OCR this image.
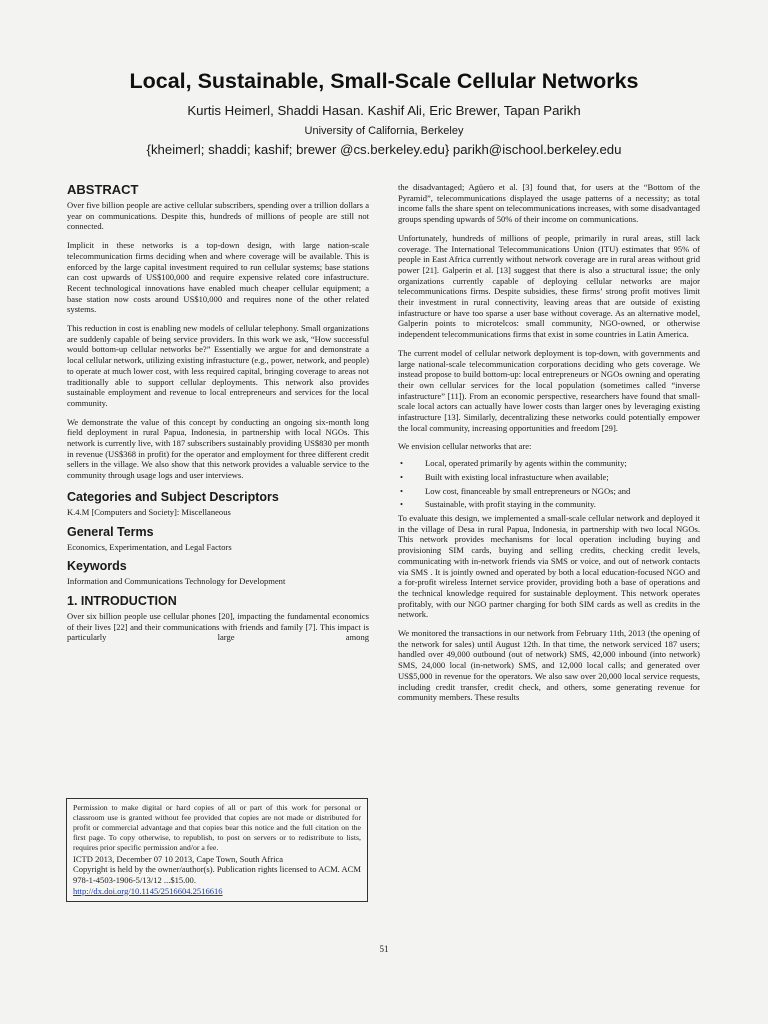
Local, Sustainable, Small-Scale Cellular Networks
Kurtis Heimerl, Shaddi Hasan. Kashif Ali, Eric Brewer, Tapan Parikh
University of California, Berkeley
{kheimerl; shaddi; kashif; brewer @cs.berkeley.edu} parikh@ischool.berkeley.edu
ABSTRACT

Over five billion people are active cellular subscribers, spending over a trillion dollars a year on communications. Despite this, hundreds of millions of people are still not connected.

Implicit in these networks is a top-down design, with large nation-scale telecommunication firms deciding when and where coverage will be available. This is enforced by the large capital investment required to run cellular systems; base stations can cost upwards of US$100,000 and require expensive related core infastructure. Recent technological innovations have enabled much cheaper cellular equipment; a base station now costs around US$10,000 and requires none of the other related systems.

This reduction in cost is enabling new models of cellular telephony. Small organizations are suddenly capable of being service providers. In this work we ask, “How successful would bottom-up cellular networks be?” Essentially we argue for and demonstrate a local cellular network, utilizing existing infrastucture (e.g., power, network, and people) to operate at much lower cost, with less required capital, bringing coverage to areas not traditionally able to support cellular deployments. This network also provides sustainable employment and revenue to local entrepreneurs and services for the local community.

We demonstrate the value of this concept by conducting an ongoing six-month long field deployment in rural Papua, Indonesia, in partnership with local NGOs. This network is currently live, with 187 subscribers sustainably providing US$830 per month in revenue (US$368 in profit) for the operator and employment for three different credit sellers in the village. We also show that this network provides a valuable service to the community through usage logs and user interviews.

Categories and Subject Descriptors

K.4.M [Computers and Society]: Miscellaneous

General Terms

Economics, Experimentation, and Legal Factors

Keywords

Information and Communications Technology for Development

1. INTRODUCTION

Over six billion people use cellular phones [20], impacting the fundamental economics of their lives [22] and their communications with friends and family [7]. This impact is particularly large among

the disadvantaged; Agüero et al. [3] found that, for users at the “Bottom of the Pyramid”, telecommunications displayed the usage patterns of a necessity; as total income falls the share spent on telecommunications increases, with some disadvantaged groups spending upwards of 50% of their income on communications.

Unfortunately, hundreds of millions of people, primarily in rural areas, still lack coverage. The International Telecommunications Union (ITU) estimates that 95% of people in East Africa currently without network coverage are in rural areas without grid power [21]. Galperin et al. [13] suggest that there is also a structural issue; the only organizations currently capable of deploying cellular networks are major telecommunications firms. Despite subsidies, these firms’ strong profit motives limit their investment in rural connectivity, leaving areas that are outside of existing infastructure or have too sparse a user base without coverage. As an alternative model, Galperin points to microtelcos: small community, NGO-owned, or otherwise independent telecommunications firms that exist in some countries in Latin America.

The current model of cellular network deployment is top-down, with governments and large national-scale telecommunication corporations deciding who gets coverage. We instead propose to build bottom-up: local entrepreneurs or NGOs owning and operating their own cellular services for the local population (sometimes called “inverse infastructure” [11]). From an economic perspective, researchers have found that small-scale local actors can actually have lower costs than larger ones by leveraging existing infastructure [13]. Similarly, decentralizing these networks could potentially empower the local community, increasing opportunities and freedom [29].

We envision cellular networks that are:

•	Local, operated primarily by agents within the community;
•	Built with existing local infrastucture when available;
•	Low cost, financeable by small entrepreneurs or NGOs; and
•	Sustainable, with profit staying in the community.

To evaluate this design, we implemented a small-scale cellular network and deployed it in the village of Desa in rural Papua, Indonesia, in partnership with two local NGOs. This network provides mechanisms for local operation including buying and provisioning SIM cards, buying and selling credits, checking credit levels, communicating with in-network friends via SMS or voice, and out of network contacts via SMS . It is jointly owned and operated by both a local education-focused NGO and a for-profit wireless Internet service provider, providing both a base of operations and the technical knowledge required for sustainable deployment. This network operates profitably, with our NGO partner charging for both SIM cards as well as credits in the network.

We monitored the transactions in our network from February 11th, 2013 (the opening of the network for sales) until August 12th. In that time, the network serviced 187 users; handled over 49,000 outbound (out of network) SMS, 42,000 inbound (into network) SMS, 24,000 local (in-network) SMS, and 12,000 local calls; and generated over US$5,000 in revenue for the operators. We also saw over 20,000 local service requests, including credit transfer, credit check, and others, some generating revenue for community members. These results

Permission to make digital or hard copies of all or part of this work for personal or classroom use is granted without fee provided that copies are not made or distributed for profit or commercial advantage and that copies bear this notice and the full citation on the first page. To copy otherwise, to republish, to post on servers or to redistribute to lists, requires prior specific permission and/or a fee.

ICTD 2013, December 07 10 2013, Cape Town, South Africa

Copyright is held by the owner/author(s). Publication rights licensed to ACM. ACM 978-1-4503-1906-5/13/12 ...$15.00.

http://dx.doi.org/10.1145/2516604.2516616

51
